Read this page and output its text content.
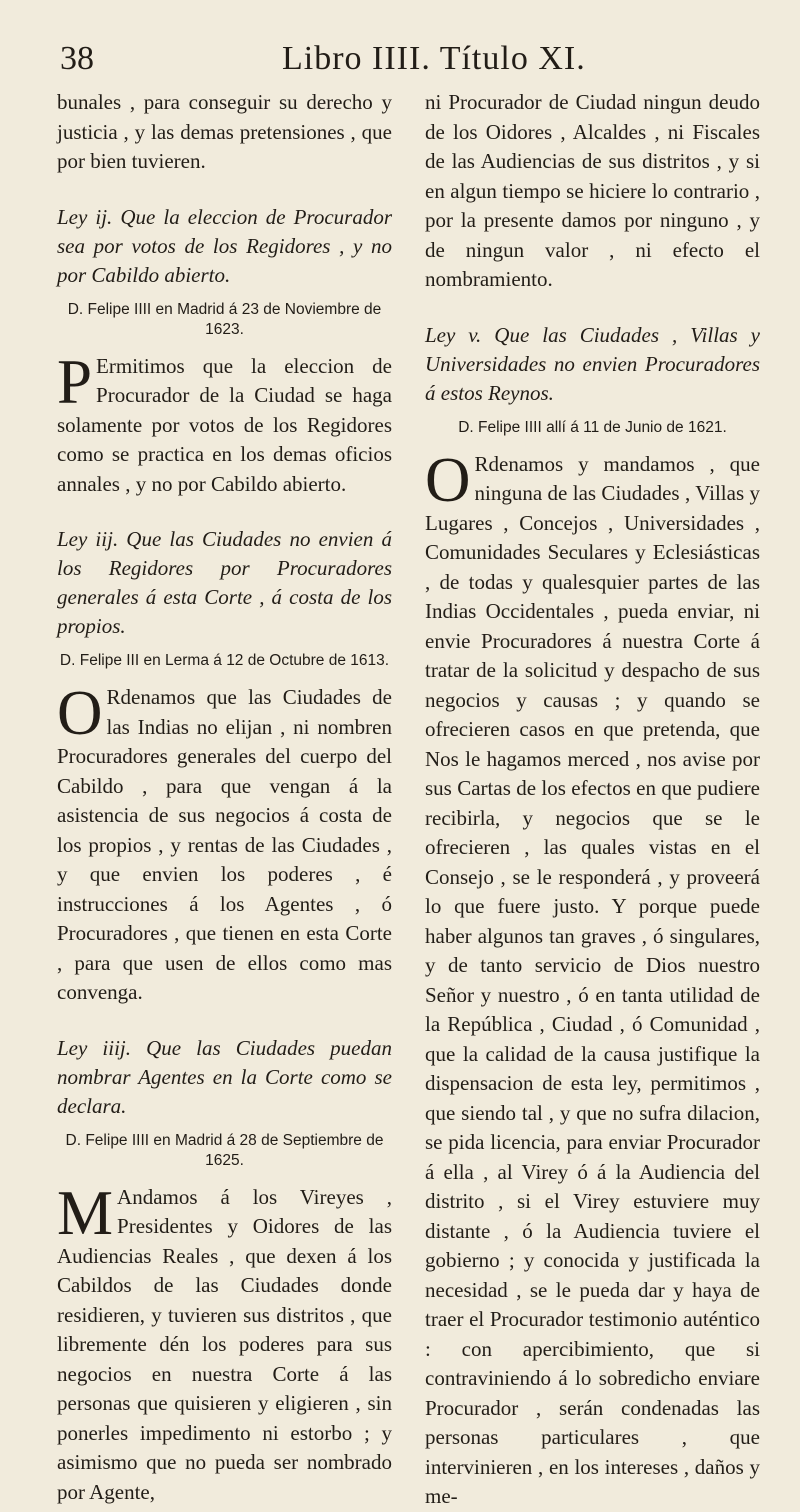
38	Libro IIII. Título XI.

bunales , para conseguir su derecho y justicia , y las demas pretensiones , que por bien tuvieren.

Ley ij. Que la eleccion de Procurador sea por votos de los Regidores , y no por Cabildo abierto.

D. Felipe IIII en Madrid á 23 de Noviembre de 1623.

PErmitimos que la eleccion de Procurador de la Ciudad se haga solamente por votos de los Regidores como se practica en los demas oficios annales , y no por Cabildo abierto.

Ley iij. Que las Ciudades no envien á los Regidores por Procuradores generales á esta Corte , á costa de los propios.

D. Felipe III en Lerma á 12 de Octubre de 1613.

ORdenamos que las Ciudades de las Indias no elijan , ni nombren Procuradores generales del cuerpo del Cabildo , para que vengan á la asistencia de sus negocios á costa de los propios , y rentas de las Ciudades , y que envien los poderes , é instrucciones á los Agentes , ó Procuradores , que tienen en esta Corte , para que usen de ellos como mas convenga.

Ley iiij. Que las Ciudades puedan nombrar Agentes en la Corte como se declara.

D. Felipe IIII en Madrid á 28 de Septiembre de 1625.

MAndamos á los Vireyes , Presidentes y Oidores de las Audiencias Reales , que dexen á los Cabildos de las Ciudades donde residieren, y tuvieren sus distritos , que libremente dén los poderes para sus negocios en nuestra Corte á las personas que quisieren y eligieren , sin ponerles impedimento ni estorbo ; y asimismo que no pueda ser nombrado por Agente,

ni Procurador de Ciudad ningun deudo de los Oidores , Alcaldes , ni Fiscales de las Audiencias de sus distritos , y si en algun tiempo se hiciere lo contrario , por la presente damos por ninguno , y de ningun valor , ni efecto el nombramiento.

Ley v. Que las Ciudades , Villas y Universidades no envien Procuradores á estos Reynos.

D. Felipe IIII allí á 11 de Junio de 1621.

ORdenamos y mandamos , que ninguna de las Ciudades , Villas y Lugares , Concejos , Universidades , Comunidades Seculares y Eclesiásticas , de todas y qualesquier partes de las Indias Occidentales , pueda enviar, ni envie Procuradores á nuestra Corte á tratar de la solicitud y despacho de sus negocios y causas ; y quando se ofrecieren casos en que pretenda, que Nos le hagamos merced , nos avise por sus Cartas de los efectos en que pudiere recibirla, y negocios que se le ofrecieren , las quales vistas en el Consejo , se le responderá , y proveerá lo que fuere justo. Y porque puede haber algunos tan graves , ó singulares, y de tanto servicio de Dios nuestro Señor y nuestro , ó en tanta utilidad de la República , Ciudad , ó Comunidad , que la calidad de la causa justifique la dispensacion de esta ley, permitimos , que siendo tal , y que no sufra dilacion, se pida licencia, para enviar Procurador á ella , al Virey ó á la Audiencia del distrito , si el Virey estuviere muy distante , ó la Audiencia tuviere el gobierno ; y conocida y justificada la necesidad , se le pueda dar y haya de traer el Procurador testimonio auténtico : con apercibimiento, que si contraviniendo á lo sobredicho enviare Procurador , serán condenadas las personas particulares , que intervinieren , en los intereses , daños y me-
